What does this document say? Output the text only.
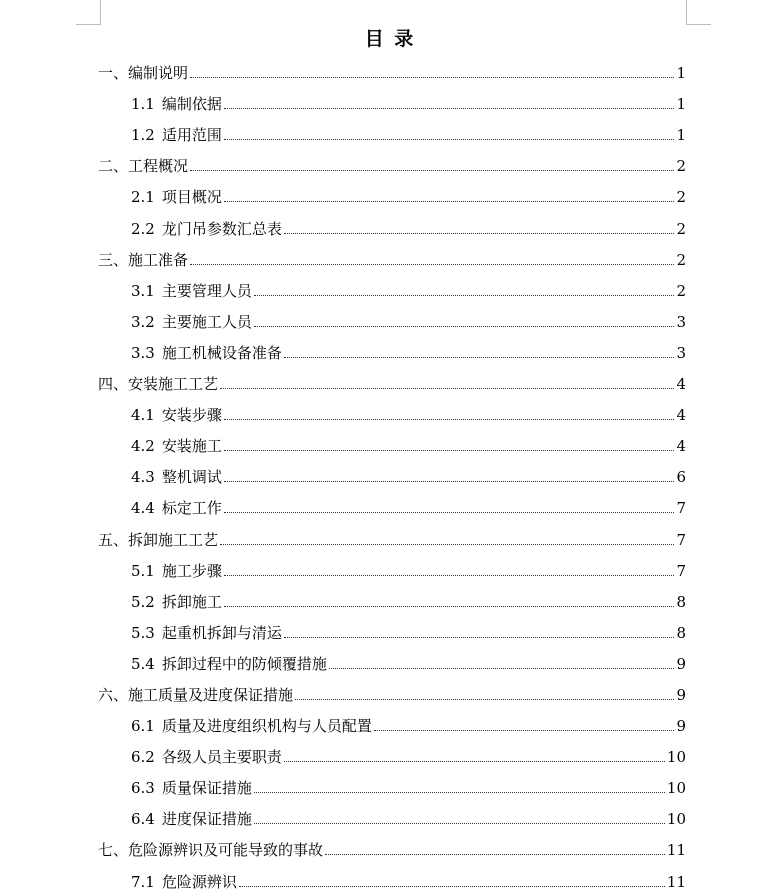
目 录
一、 编制说明	1
1.1 编制依据	1
1.2 适用范围	1
二、 工程概况	2
2.1 项目概况	2
2.2 龙门吊参数汇总表	2
三、 施工准备	2
3.1 主要管理人员	2
3.2 主要施工人员	3
3.3 施工机械设备准备	3
四、 安装施工工艺	4
4.1 安装步骤	4
4.2 安装施工	4
4.3 整机调试	6
4.4 标定工作	7
五、 拆卸施工工艺	7
5.1 施工步骤	7
5.2 拆卸施工	8
5.3 起重机拆卸与清运	8
5.4 拆卸过程中的防倾覆措施	9
六、 施工质量及进度保证措施	9
6.1 质量及进度组织机构与人员配置	9
6.2 各级人员主要职责	10
6.3 质量保证措施	10
6.4 进度保证措施	10
七、 危险源辨识及可能导致的事故	11
7.1 危险源辨识	11
